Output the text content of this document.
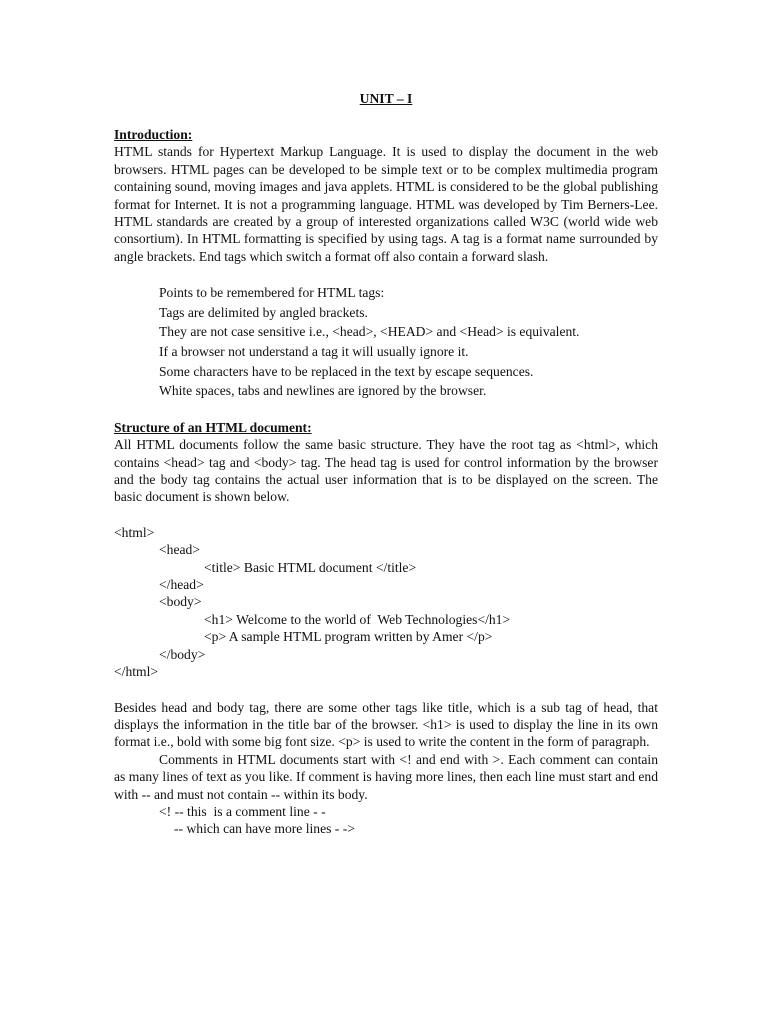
UNIT – I
Introduction:

HTML stands for Hypertext Markup Language. It is used to display the document in the web browsers. HTML pages can be developed to be simple text or to be complex multimedia program containing sound, moving images and java applets. HTML is considered to be the global publishing format for Internet. It is not a programming language. HTML was developed by Tim Berners-Lee. HTML standards are created by a group of interested organizations called W3C (world wide web consortium). In HTML formatting is specified by using tags. A tag is a format name surrounded by angle brackets. End tags which switch a format off also contain a forward slash.

Points to be remembered for HTML tags:
Tags are delimited by angled brackets.
They are not case sensitive i.e., <head>, <HEAD> and <Head> is equivalent.
If a browser not understand a tag it will usually ignore it.
Some characters have to be replaced in the text by escape sequences.
White spaces, tabs and newlines are ignored by the browser.
Structure of an HTML document:

All HTML documents follow the same basic structure. They have the root tag as <html>, which contains <head> tag and <body> tag. The head tag is used for control information by the browser and the body tag contains the actual user information that is to be displayed on the screen. The basic document is shown below.

<html>
<head>
<title> Basic HTML document </title>
</head>
<body>
<h1> Welcome to the world of  Web Technologies</h1>
<p> A sample HTML program written by Amer </p>
</body>
</html>

Besides head and body tag, there are some other tags like title, which is a sub tag of head, that displays the information in the title bar of the browser. <h1> is used to display the line in its own format i.e., bold with some big font size. <p> is used to write the content in the form of paragraph.

Comments in HTML documents start with <! and end with >. Each comment can contain as many lines of text as you like. If comment is having more lines, then each line must start and end with -- and must not contain -- within its body.

<! -- this  is a comment line - -
-- which can have more lines - ->
